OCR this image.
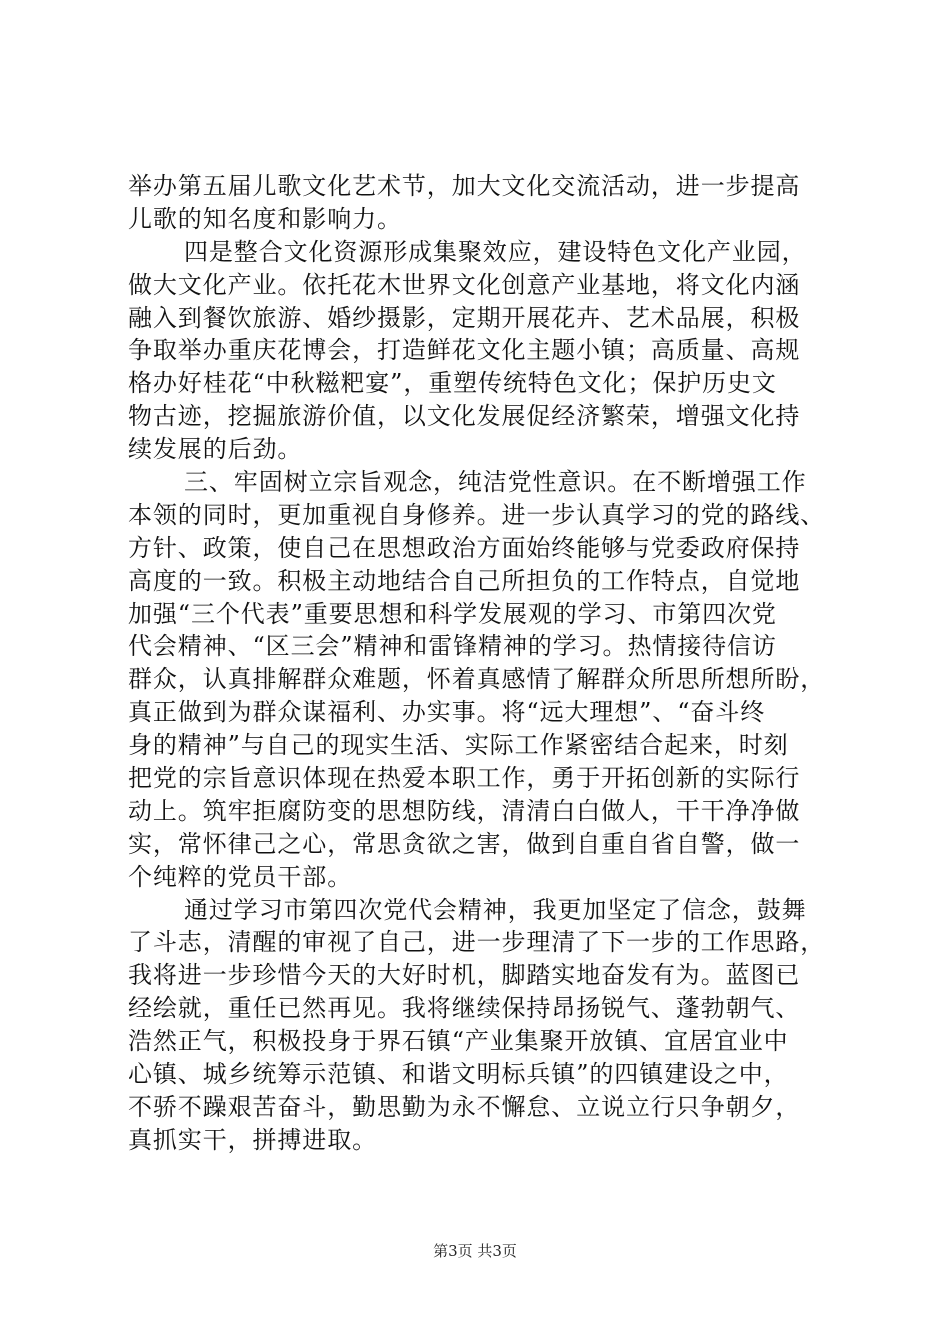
举办第五届儿歌文化艺术节，加大文化交流活动，进一步提高
儿歌的知名度和影响力。
四是整合文化资源形成集聚效应，建设特色文化产业园，
做大文化产业。依托花木世界文化创意产业基地，将文化内涵
融入到餐饮旅游、婚纱摄影，定期开展花卉、艺术品展，积极
争取举办重庆花博会，打造鲜花文化主题小镇；高质量、高规
格办好桂花“中秋糍粑宴”，重塑传统特色文化；保护历史文
物古迹，挖掘旅游价值，以文化发展促经济繁荣，增强文化持
续发展的后劲。
三、牢固树立宗旨观念，纯洁党性意识。在不断增强工作
本领的同时，更加重视自身修养。进一步认真学习的党的路线、
方针、政策，使自己在思想政治方面始终能够与党委政府保持
高度的一致。积极主动地结合自己所担负的工作特点，自觉地
加强“三个代表”重要思想和科学发展观的学习、市第四次党
代会精神、“区三会”精神和雷锋精神的学习。热情接待信访
群众，认真排解群众难题，怀着真感情了解群众所思所想所盼，
真正做到为群众谋福利、办实事。将“远大理想”、“奋斗终
身的精神”与自己的现实生活、实际工作紧密结合起来，时刻
把党的宗旨意识体现在热爱本职工作，勇于开拓创新的实际行
动上。筑牢拒腐防变的思想防线，清清白白做人，干干净净做
实，常怀律己之心，常思贪欲之害，做到自重自省自警，做一
个纯粹的党员干部。
通过学习市第四次党代会精神，我更加坚定了信念，鼓舞
了斗志，清醒的审视了自己，进一步理清了下一步的工作思路，
我将进一步珍惜今天的大好时机，脚踏实地奋发有为。蓝图已
经绘就，重任已然再见。我将继续保持昂扬锐气、蓬勃朝气、
浩然正气，积极投身于界石镇“产业集聚开放镇、宜居宜业中
心镇、城乡统筹示范镇、和谐文明标兵镇”的四镇建设之中，
不骄不躁艰苦奋斗，勤思勤为永不懈怠、立说立行只争朝夕，
真抓实干，拼搏进取。
第3页 共3页
